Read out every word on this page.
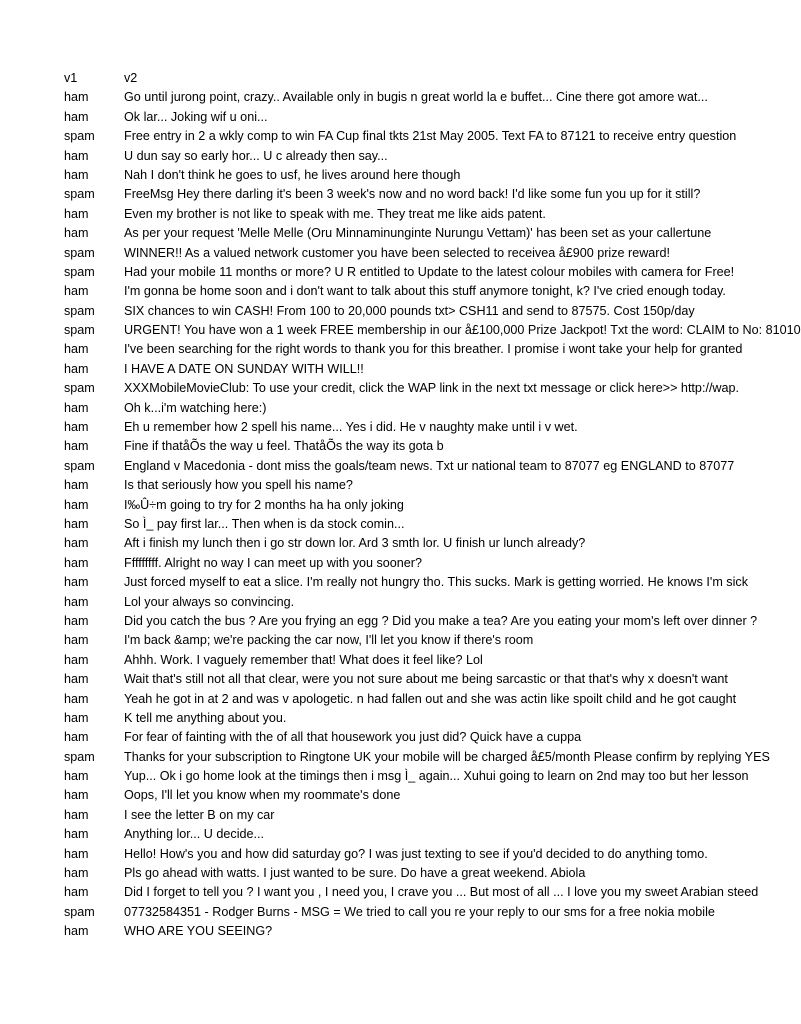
v1	v2
ham	Go until jurong point, crazy.. Available only in bugis n great world la e buffet... Cine there got amore wat...
ham	Ok lar... Joking wif u oni...
spam	Free entry in 2 a wkly comp to win FA Cup final tkts 21st May 2005. Text FA to 87121 to receive entry question
ham	U dun say so early hor... U c already then say...
ham	Nah I don't think he goes to usf, he lives around here though
spam	FreeMsg Hey there darling it's been 3 week's now and no word back! I'd like some fun you up for it still?
ham	Even my brother is not like to speak with me. They treat me like aids patent.
ham	As per your request 'Melle Melle (Oru Minnaminunginte Nurungu Vettam)' has been set as your callertune
spam	WINNER!! As a valued network customer you have been selected to receivea å£900 prize reward!
spam	Had your mobile 11 months or more? U R entitled to Update to the latest colour mobiles with camera for Free!
ham	I'm gonna be home soon and i don't want to talk about this stuff anymore tonight, k? I've cried enough today.
spam	SIX chances to win CASH! From 100 to 20,000 pounds txt> CSH11 and send to 87575. Cost 150p/day
spam	URGENT! You have won a 1 week FREE membership in our å£100,000 Prize Jackpot! Txt the word: CLAIM to No: 81010
ham	I've been searching for the right words to thank you for this breather. I promise i wont take your help for granted
ham	I HAVE A DATE ON SUNDAY WITH WILL!!
spam	XXXMobileMovieClub: To use your credit, click the WAP link in the next txt message or click here>> http://wap.
ham	Oh k...i'm watching here:)
ham	Eh u remember how 2 spell his name... Yes i did. He v naughty make until i v wet.
ham	Fine if thatåÕs the way u feel. ThatåÕs the way its gota b
spam	England v Macedonia - dont miss the goals/team news. Txt ur national team to 87077 eg ENGLAND to 87077
ham	Is that seriously how you spell his name?
ham	I‰Û÷m going to try for 2 months ha ha only joking
ham	So Ì_ pay first lar... Then when is da stock comin...
ham	Aft i finish my lunch then i go str down lor. Ard 3 smth lor. U finish ur lunch already?
ham	Fffffffff. Alright no way I can meet up with you sooner?
ham	Just forced myself to eat a slice. I'm really not hungry tho. This sucks. Mark is getting worried. He knows I'm sick
ham	Lol your always so convincing.
ham	Did you catch the bus ? Are you frying an egg ? Did you make a tea? Are you eating your mom's left over dinner ?
ham	I'm back &amp; we're packing the car now, I'll let you know if there's room
ham	Ahhh. Work. I vaguely remember that! What does it feel like? Lol
ham	Wait that's still not all that clear, were you not sure about me being sarcastic or that that's why x doesn't want
ham	Yeah he got in at 2 and was v apologetic. n had fallen out and she was actin like spoilt child and he got caught
ham	K tell me anything about you.
ham	For fear of fainting with the of all that housework you just did? Quick have a cuppa
spam	Thanks for your subscription to Ringtone UK your mobile will be charged å£5/month Please confirm by replying YES
ham	Yup... Ok i go home look at the timings then i msg Ì_ again... Xuhui going to learn on 2nd may too but her lesson
ham	Oops, I'll let you know when my roommate's done
ham	I see the letter B on my car
ham	Anything lor... U decide...
ham	Hello! How's you and how did saturday go? I was just texting to see if you'd decided to do anything tomo.
ham	Pls go ahead with watts. I just wanted to be sure. Do have a great weekend. Abiola
ham	Did I forget to tell you ? I want you , I need you, I crave you ... But most of all ... I love you my sweet Arabian steed
spam	07732584351 - Rodger Burns - MSG = We tried to call you re your reply to our sms for a free nokia mobile
ham	WHO ARE YOU SEEING?
